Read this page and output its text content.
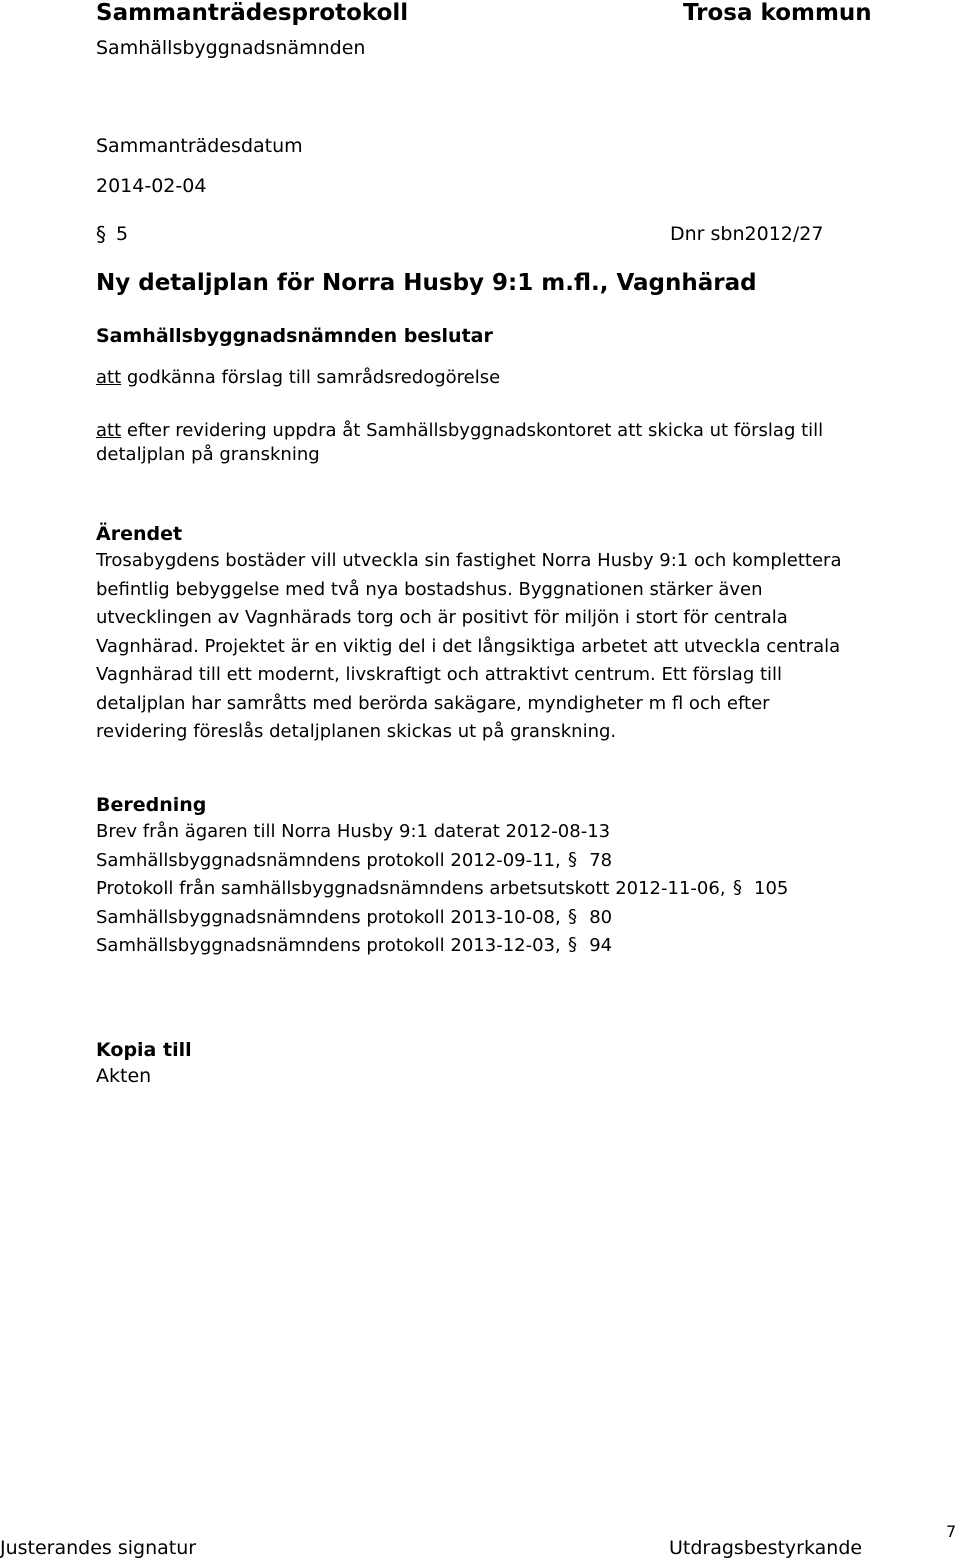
Sammanträdesprotokoll	Trosa kommun
Samhällsbyggnadsnämnden
Sammanträdesdatum
2014-02-04
§ 5	Dnr sbn2012/27
Ny detaljplan för Norra Husby 9:1 m.fl., Vagnhärad
Samhällsbyggnadsnämnden beslutar
att godkänna förslag till samrådsredogörelse
att efter revidering uppdra åt Samhällsbyggnadskontoret att skicka ut förslag till
detaljplan på granskning
Ärendet
Trosabygdens bostäder vill utveckla sin fastighet Norra Husby 9:1 och komplettera
befintlig bebyggelse med två nya bostadshus. Byggnationen stärker även
utvecklingen av Vagnhärads torg och är positivt för miljön i stort för centrala
Vagnhärad. Projektet är en viktig del i det långsiktiga arbetet att utveckla centrala
Vagnhärad till ett modernt, livskraftigt och attraktivt centrum. Ett förslag till
detaljplan har samråtts med berörda sakägare, myndigheter m fl och efter
revidering föreslås detaljplanen skickas ut på granskning.
Beredning
Brev från ägaren till Norra Husby 9:1 daterat 2012-08-13
Samhällsbyggnadsnämndens protokoll 2012-09-11, § 78
Protokoll från samhällsbyggnadsnämndens arbetsutskott 2012-11-06, § 105
Samhällsbyggnadsnämndens protokoll 2013-10-08, § 80
Samhällsbyggnadsnämndens protokoll 2013-12-03, § 94
Kopia till
Akten
Justerandes signatur	Utdragsbestyrkande
7
